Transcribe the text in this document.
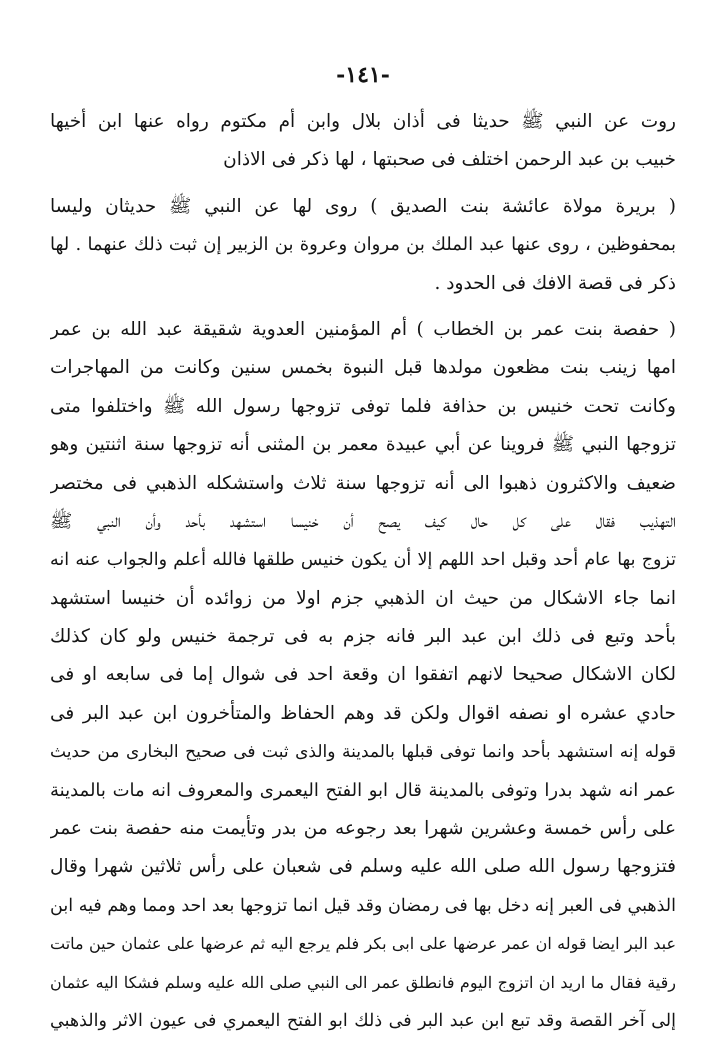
-١٤١-
روت عن النبي ﷺ حديثا فى أذان بلال وابن أم مكتوم رواه عنها ابن أخيها
خبيب بن عبد الرحمن اختلف فى صحبتها ، لها ذكر فى الاذان
( بريرة مولاة عائشة بنت الصديق ) روى لها عن النبي ﷺ حديثان وليسا
بمحفوظين ، روى عنها عبد الملك بن مروان وعروة بن الزبير إن ثبت ذلك عنهما . لها
ذكر فى قصة الافك فى الحدود .
( حفصة بنت عمر بن الخطاب ) أم المؤمنين العدوية شقيقة عبد الله بن عمر
امها زينب بنت مظعون مولدها قبل النبوة بخمس سنين وكانت من المهاجرات
وكانت تحت خنيس بن حذافة فلما توفى تزوجها رسول الله ﷺ واختلفوا متى
تزوجها النبي ﷺ فروينا عن أبي عبيدة معمر بن المثنى أنه تزوجها سنة اثنتين وهو
ضعيف والاكثرون ذهبوا الى أنه تزوجها سنة ثلاث واستشكله الذهبي فى مختصر
التهذيب فقال على كل حال كيف يصح أن خنيسا استشهد بأحد وأن النبي ﷺ
تزوج بها عام أحد وقبل احد اللهم إلا أن يكون خنيس طلقها فالله أعلم والجواب عنه انه
انما جاء الاشكال من حيث ان الذهبي جزم اولا من زوائده أن خنيسا استشهد
بأحد وتبع فى ذلك ابن عبد البر فانه جزم به فى ترجمة خنيس ولو كان كذلك
لكان الاشكال صحيحا لانهم اتفقوا ان وقعة احد فى شوال إما فى سابعه او فى
حادي عشره او نصفه اقوال ولكن قد وهم الحفاظ والمتأخرون ابن عبد البر فى
قوله إنه استشهد بأحد وانما توفى قبلها بالمدينة والذى ثبت فى صحيح البخارى من حديث
عمر انه شهد بدرا وتوفى بالمدينة قال ابو الفتح اليعمرى والمعروف انه مات بالمدينة
على رأس خمسة وعشرين شهرا بعد رجوعه من بدر وتأيمت منه حفصة بنت عمر
فتزوجها رسول الله صلى الله عليه وسلم فى شعبان على رأس ثلاثين شهرا وقال
الذهبي فى العبر إنه دخل بها فى رمضان وقد قيل انما تزوجها بعد احد ومما وهم فيه ابن
عبد البر ايضا قوله ان عمر عرضها على ابى بكر فلم يرجع اليه ثم عرضها على عثمان حين ماتت
رقية فقال ما اريد ان اتزوج اليوم فانطلق عمر الى النبي صلى الله عليه وسلم فشكا اليه عثمان
إلى آخر القصة وقد تبع ابن عبد البر فى ذلك ابو الفتح اليعمري فى عيون الاثر والذهبي
